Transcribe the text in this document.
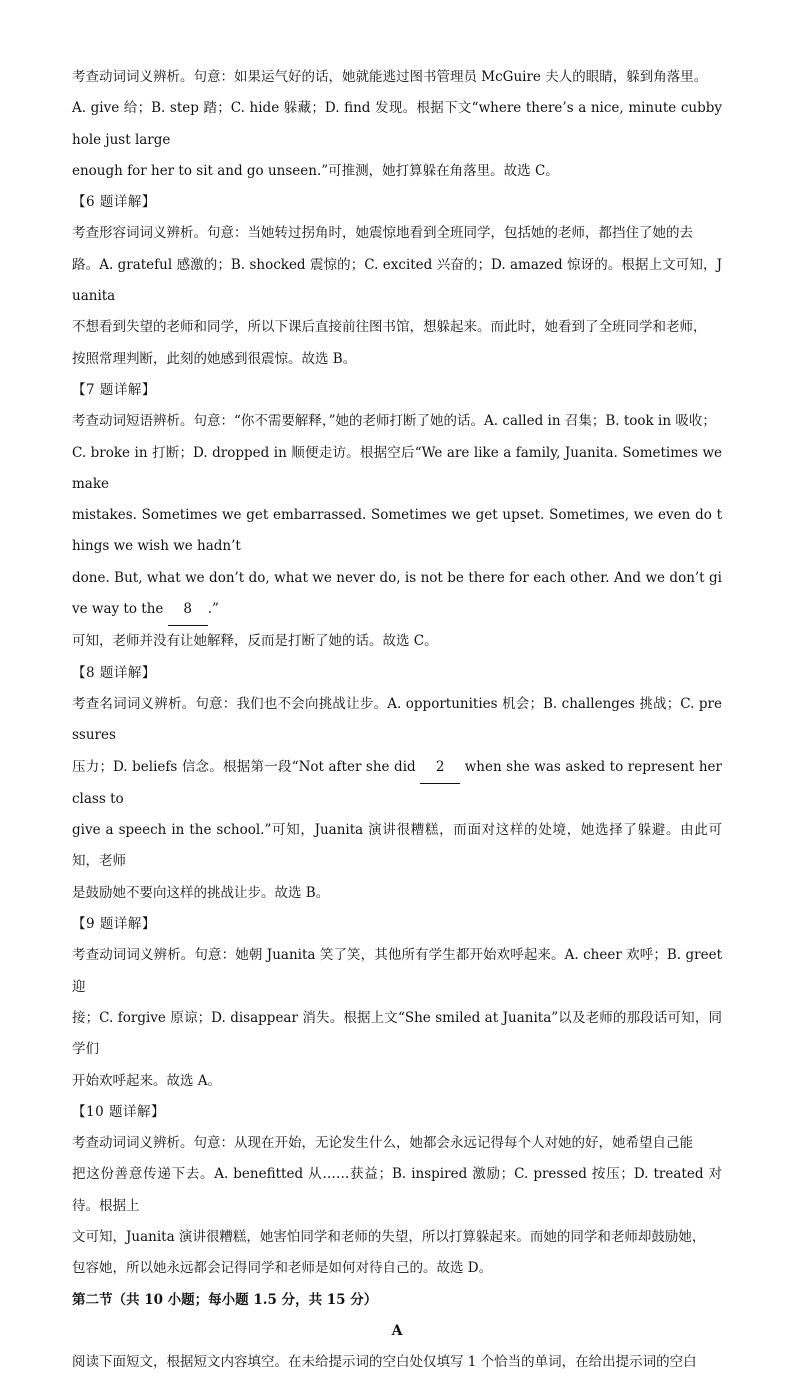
考查动词词义辨析。句意：如果运气好的话，她就能逃过图书管理员 McGuire 夫人的眼睛，躲到角落里。

A. give 给；B. step 踏；C. hide 躲藏；D. find 发现。根据下文“where there’s a nice, minute cubbyhole just large

enough for her to sit and go unseen.”可推测，她打算躲在角落里。故选 C。

【6 题详解】

考查形容词词义辨析。句意：当她转过拐角时，她震惊地看到全班同学，包括她的老师，都挡住了她的去

路。A. grateful 感激的；B. shocked 震惊的；C. excited 兴奋的；D. amazed 惊讶的。根据上文可知，Juanita

不想看到失望的老师和同学，所以下课后直接前往图书馆，想躲起来。而此时，她看到了全班同学和老师，

按照常理判断，此刻的她感到很震惊。故选 B。

【7 题详解】

考查动词短语辨析。句意：“你不需要解释，”她的老师打断了她的话。A. called in 召集；B. took in 吸收；

C. broke in 打断；D. dropped in 顺便走访。根据空后“We are like a family, Juanita. Sometimes we make

mistakes. Sometimes we get embarrassed. Sometimes we get upset. Sometimes, we even do things we wish we hadn’t

done. But, what we don’t do, what we never do, is not be there for each other. And we don’t give way to the 8 .”

可知，老师并没有让她解释，反而是打断了她的话。故选 C。

【8 题详解】

考查名词词义辨析。句意：我们也不会向挑战让步。A. opportunities 机会；B. challenges 挑战；C. pressures

压力；D. beliefs 信念。根据第一段“Not after she did 2 when she was asked to represent her class to

give a speech in the school.”可知，Juanita 演讲很糟糕，而面对这样的处境，她选择了躲避。由此可知，老师

是鼓励她不要向这样的挑战让步。故选 B。

【9 题详解】

考查动词词义辨析。句意：她朝 Juanita 笑了笑，其他所有学生都开始欢呼起来。A. cheer 欢呼；B. greet 迎

接；C. forgive 原谅；D. disappear 消失。根据上文“She smiled at Juanita”以及老师的那段话可知，同学们

开始欢呼起来。故选 A。

【10 题详解】

考查动词词义辨析。句意：从现在开始，无论发生什么，她都会永远记得每个人对她的好，她希望自己能

把这份善意传递下去。A. benefitted 从……获益；B. inspired 激励；C. pressed 按压；D. treated 对待。根据上

文可知，Juanita 演讲很糟糕，她害怕同学和老师的失望，所以打算躲起来。而她的同学和老师却鼓励她，

包容她，所以她永远都会记得同学和老师是如何对待自己的。故选 D。

第二节（共 10 小题；每小题 1.5 分，共 15 分）

A

阅读下面短文，根据短文内容填空。在未给提示词的空白处仅填写 1 个恰当的单词，在给出提示词的空白
